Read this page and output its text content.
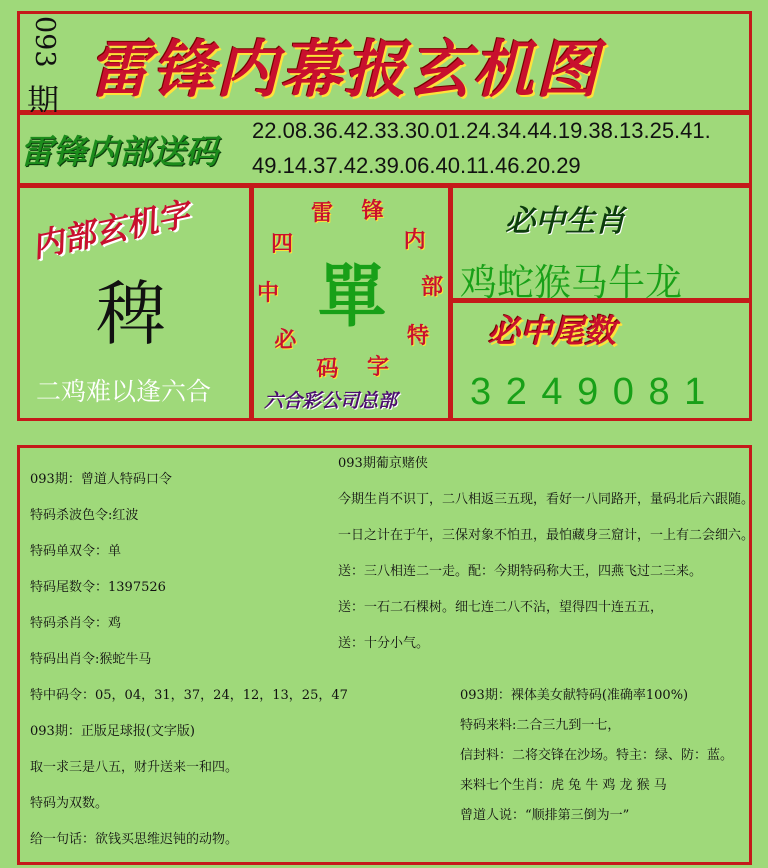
093
期 雷锋内幕报玄机图
雷锋内部送码
22.08.36.42.33.30.01.24.34.44.19.38.13.25.41.
49.14.37.42.39.06.40.11.46.20.29
内部玄机字
稗
二鸡难以逢六合
雷 锋
内
部
特
字
码
必
中
四
單
六合彩公司总部
必中生肖
鸡蛇猴马牛龙
必中尾数
3 2 4 9 0 8 1
093期：曾道人特码口令
特码杀波色令:红波
特码单双令：单
特码尾数令：1397526
特码杀肖令：鸡
特码出肖令:猴蛇牛马
特中码令：05，04，31，37，24，12，13，25，47
093期：正版足球报(文字版)
取一求三是八五，财升送来一和四。
特码为双数。
给一句话：欲钱买思维迟钝的动物。
093期葡京赌侠
今期生肖不识丁，二八相返三五现，看好一八同路开，量码北后六跟随。
一日之计在于午，三保对象不怕丑，最怕藏身三窟计，一上有二会细六。
送：三八相连二一走。配：今期特码称大王，四燕飞过二三来。
送：一石二石棵树。细七连二八不沾，望得四十连五五，
送：十分小气。
093期：裸体美女献特码(准确率100%)
特码来料:二合三九到一七，
信封料：二将交锋在沙场。特主：绿、防：蓝。
来料七个生肖：虎 兔 牛 鸡 龙 猴 马
曾道人说：“顺排第三倒为一”
